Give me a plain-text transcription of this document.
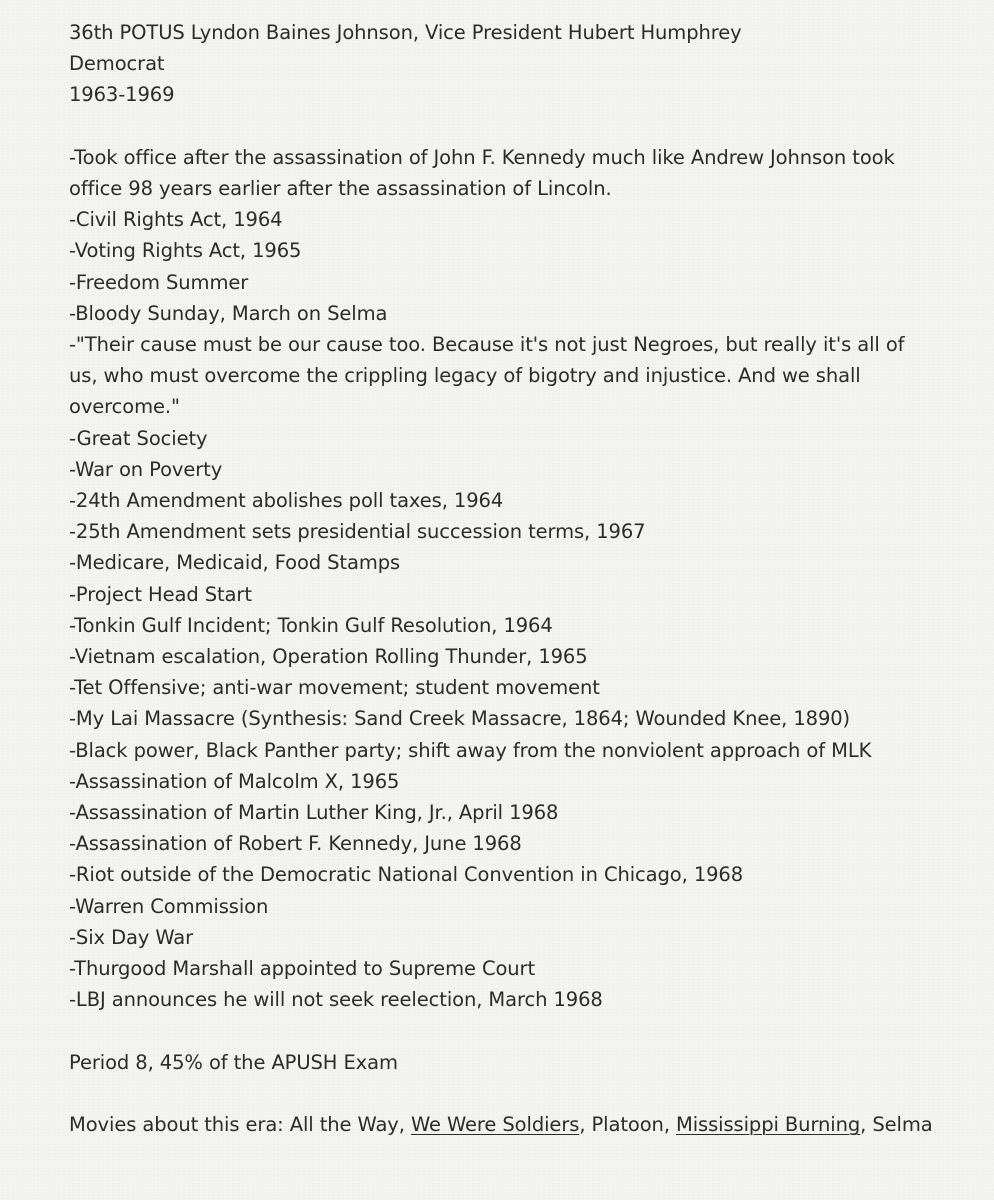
36th POTUS Lyndon Baines Johnson, Vice President Hubert Humphrey
Democrat
1963-1969
-Took office after the assassination of John F. Kennedy much like Andrew Johnson took office 98 years earlier after the assassination of Lincoln.
-Civil Rights Act, 1964
-Voting Rights Act, 1965
-Freedom Summer
-Bloody Sunday, March on Selma
-"Their cause must be our cause too. Because it's not just Negroes, but really it's all of us, who must overcome the crippling legacy of bigotry and injustice. And we shall overcome."
-Great Society
-War on Poverty
-24th Amendment abolishes poll taxes, 1964
-25th Amendment sets presidential succession terms, 1967
-Medicare, Medicaid, Food Stamps
-Project Head Start
-Tonkin Gulf Incident; Tonkin Gulf Resolution, 1964
-Vietnam escalation, Operation Rolling Thunder, 1965
-Tet Offensive; anti-war movement; student movement
-My Lai Massacre (Synthesis: Sand Creek Massacre, 1864; Wounded Knee, 1890)
-Black power, Black Panther party; shift away from the nonviolent approach of MLK
-Assassination of Malcolm X, 1965
-Assassination of Martin Luther King, Jr., April 1968
-Assassination of Robert F. Kennedy, June 1968
-Riot outside of the Democratic National Convention in Chicago, 1968
-Warren Commission
-Six Day War
-Thurgood Marshall appointed to Supreme Court
-LBJ announces he will not seek reelection, March 1968
Period 8, 45% of the APUSH Exam
Movies about this era: All the Way, We Were Soldiers, Platoon, Mississippi Burning, Selma
